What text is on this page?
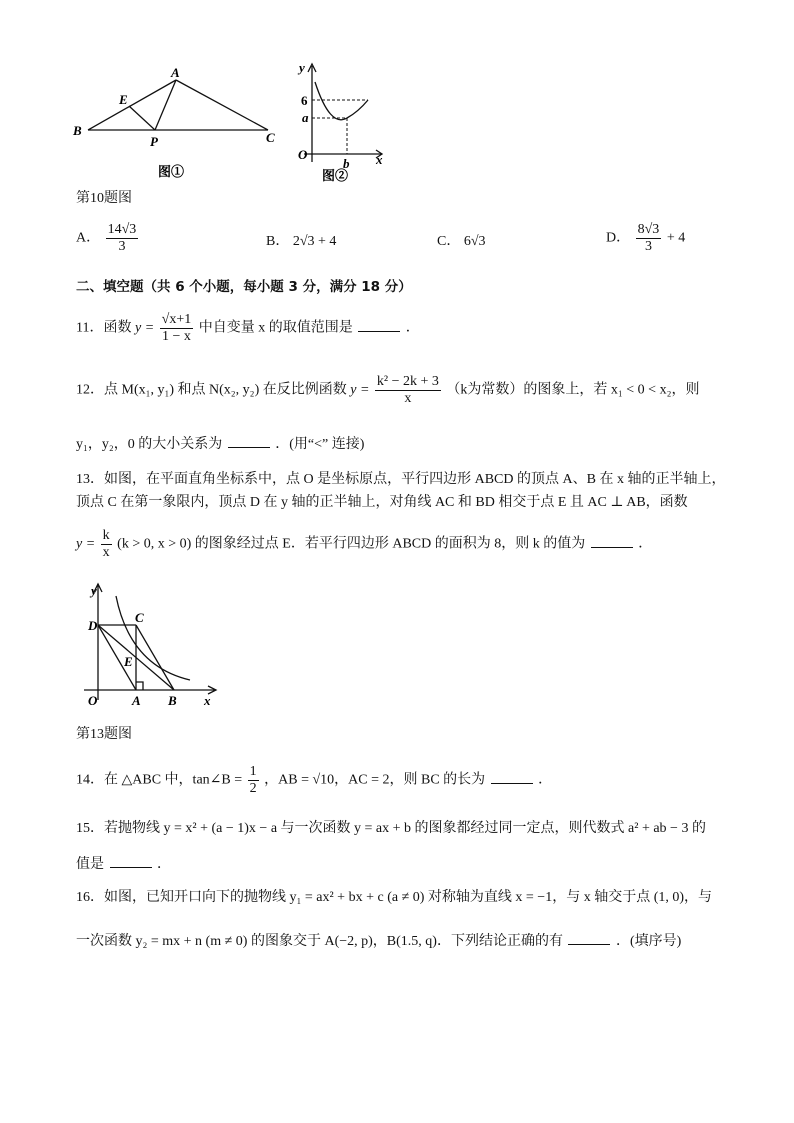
A
B	C
E
P
图①
y
6
a
O
b x
图②
第10题图
A． $\frac{14√3}{3}$	B． 2√3 + 4	C． 6√3	D． $\frac{8√3}{3} + 4$
二、填空题（共 6 个小题，每小题 3 分，满分 18 分）
11．函数 $y = \frac{√x+1}{1 - x}$ 中自变量 x 的取值范围是	．
12．点 M(x₁, y₁) 和点 N(x₂, y₂) 在反比例函数 $y = \frac{\text{k² − 2k + 3}}{x} (k$为常数）的图象上，若 x₁ < 0 < x₂，则
y₁，y₂，0 的大小关系为	．(用“<” 连接)
13．如图，在平面直角坐标系中，点 O 是坐标原点，平行四边形 ABCD 的顶点 A、B 在 x 轴的正半轴上，
顶点 C 在第一象限内，顶点 D 在 y 轴的正半轴上，对角线 AC 和 BD 相交于点 E 且 AC ⊥ AB，函数
$y = \frac{k}{x} (k > 0$, x > 0) 的图象经过点 E．若平行四边形 ABCD 的面积为 8，则 k 的值为	．
y
D
C
E
O	A B x
第13题图
14．在 △ABC 中，tan∠B = $\frac{1}{2}$ ，AB = √10，AC = 2，则 BC 的长为	．
15．若抛物线 y = x² + (a − 1)x − a 与一次函数 y = ax + b 的图象都经过同一定点，则代数式 a² + ab − 3 的
值是	．
16．如图，已知开口向下的抛物线 y₁ = ax² + bx + c (a ≠ 0) 对称轴为直线 x = −1，与 x 轴交于点 (1, 0)，与
一次函数 y₂ = mx + n (m ≠ 0) 的图象交于 A(−2, p)，B(1.5, q)．下列结论正确的有	．(填序号)
